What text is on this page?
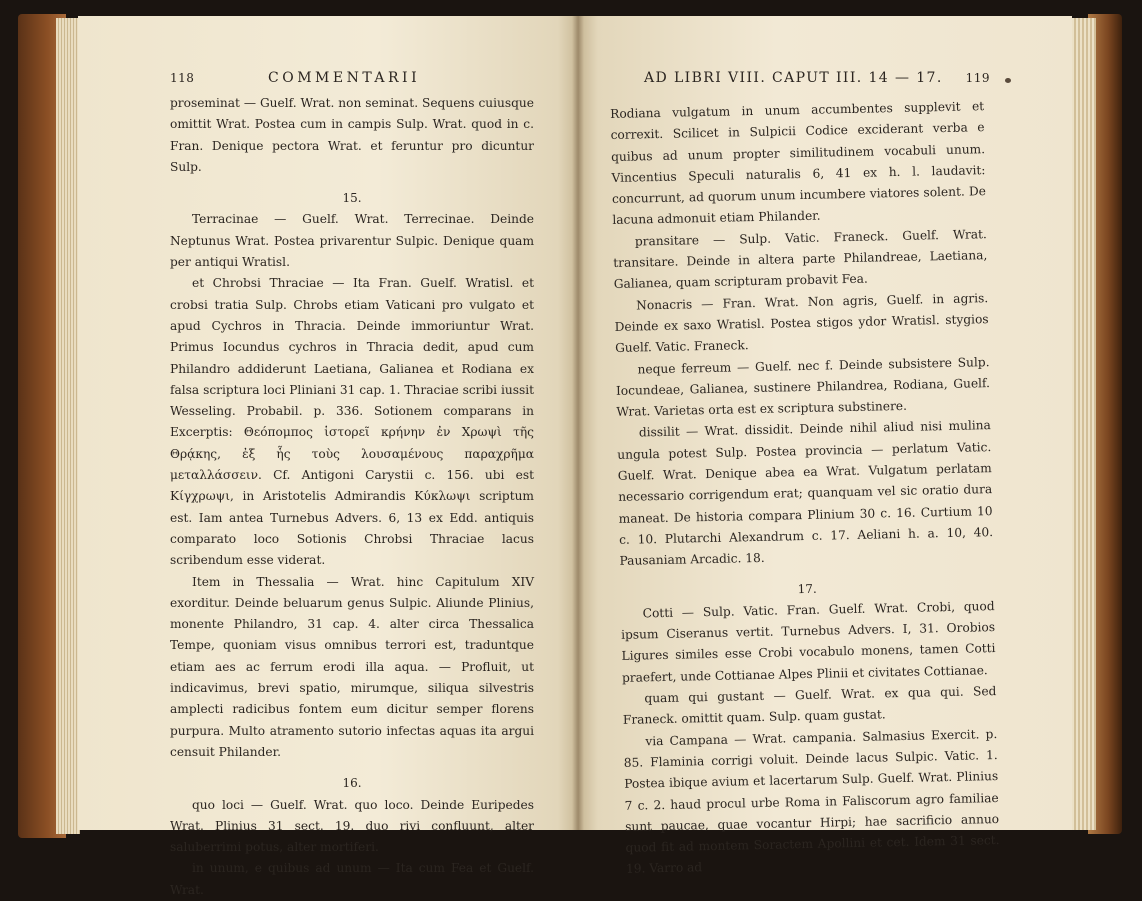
118	COMMENTARII

proseminat — Guelf. Wrat. non seminat. Sequens cuiusque omittit Wrat. Postea cum in campis Sulp. Wrat. quod in c. Fran. Denique pectora Wrat. et feruntur pro dicuntur Sulp.

15.

Terracinae — Guelf. Wrat. Terrecinae. Deinde Neptunus Wrat. Postea privarentur Sulpic. Denique quam per antiqui Wratisl.

et Chrobsi Thraciae — Ita Fran. Guelf. Wratisl. et crobsi tratia Sulp. Chrobs etiam Vaticani pro vulgato et apud Cychros in Thracia. Deinde immoriuntur Wrat. Primus Iocundus cychros in Thracia dedit, apud cum Philandro addiderunt Laetiana, Galianea et Rodiana ex falsa scriptura loci Pliniani 31 cap. 1. Thraciae scribi iussit Wesseling. Probabil. p. 336. Sotionem comparans in Excerptis: Θεόπομπος ἱστορεῖ κρήνην ἐν Χρωψὶ τῆς Θρᾴκης, ἐξ ἧς τοὺς λουσαμένους παραχρῆμα μεταλλάσσειν. Cf. Antigoni Carystii c. 156. ubi est Κίγχρωψι, in Aristotelis Admirandis Κύκλωψι scriptum est. Iam antea Turnebus Advers. 6, 13 ex Edd. antiquis comparato loco Sotionis Chrobsi Thraciae lacus scribendum esse viderat.

Item in Thessalia — Wrat. hinc Capitulum XIV exorditur. Deinde beluarum genus Sulpic. Aliunde Plinius, monente Philandro, 31 cap. 4. alter circa Thessalica Tempe, quoniam visus omnibus terrori est, traduntque etiam aes ac ferrum erodi illa aqua. — Profluit, ut indicavimus, brevi spatio, mirumque, siliqua silvestris amplecti radicibus fontem eum dicitur semper florens purpura. Multo atramento sutorio infectas aquas ita argui censuit Philander.

16.

quo loci — Guelf. Wrat. quo loco. Deinde Euripedes Wrat. Plinius 31 sect. 19. duo rivi confluunt, alter saluberrimi potus, alter mortiferi.

in unum, e quibus ad unum — Ita cum Fea et Guelf. Wrat.

AD LIBRI VIII. CAPUT III. 14 — 17. 119

Rodiana vulgatum in unum accumbentes supplevit et correxit. Scilicet in Sulpicii Codice exciderant verba e quibus ad unum propter similitudinem vocabuli unum. Vincentius Speculi naturalis 6, 41 ex h. l. laudavit: concurrunt, ad quorum unum incumbere viatores solent. De lacuna admonuit etiam Philander.

pransitare — Sulp. Vatic. Franeck. Guelf. Wrat. transitare. Deinde in altera parte Philandreae, Laetiana, Galianea, quam scripturam probavit Fea.

Nonacris — Fran. Wrat. Non agris, Guelf. in agris. Deinde ex saxo Wratisl. Postea stigos ydor Wratisl. stygios Guelf. Vatic. Franeck.

neque ferreum — Guelf. nec f. Deinde subsistere Sulp. Iocundeae, Galianea, sustinere Philandrea, Rodiana, Guelf. Wrat. Varietas orta est ex scriptura substinere.

dissilit — Wrat. dissidit. Deinde nihil aliud nisi mulina ungula potest Sulp. Postea provincia — perlatum Vatic. Guelf. Wrat. Denique abea ea Wrat. Vulgatum perlatam necessario corrigendum erat; quanquam vel sic oratio dura maneat. De historia compara Plinium 30 c. 16. Curtium 10 c. 10. Plutarchi Alexandrum c. 17. Aeliani h. a. 10, 40. Pausaniam Arcadic. 18.

17.

Cotti — Sulp. Vatic. Fran. Guelf. Wrat. Crobi, quod ipsum Ciseranus vertit. Turnebus Advers. I, 31. Orobios Ligures similes esse Crobi vocabulo monens, tamen Cotti praefert, unde Cottianae Alpes Plinii et civitates Cottianae.

quam qui gustant — Guelf. Wrat. ex qua qui. Sed Franeck. omittit quam. Sulp. quam gustat.

via Campana — Wrat. campania. Salmasius Exercit. p. 85. Flaminia corrigi voluit. Deinde lacus Sulpic. Vatic. 1. Postea ibique avium et lacertarum Sulp. Guelf. Wrat. Plinius 7 c. 2. haud procul urbe Roma in Faliscorum agro familiae sunt paucae, quae vocantur Hirpi; hae sacrificio annuo quod fit ad montem Soractem Apollini et cet. Idem 31 sect. 19. Varro ad
